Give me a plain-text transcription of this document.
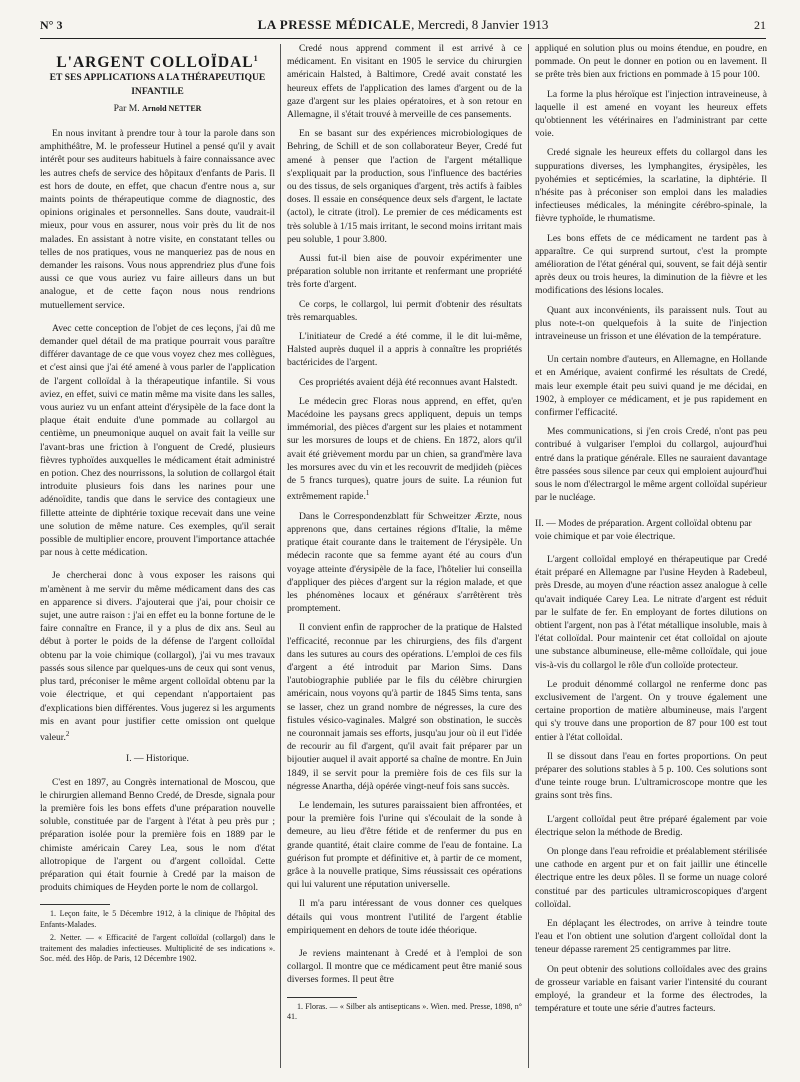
N° 3	LA PRESSE MÉDICALE, Mercredi, 8 Janvier 1913	21
L'ARGENT COLLOÏDAL$^1$
ET SES APPLICATIONS A LA THÉRAPEUTIQUE INFANTILE
Par M. Arnold NETTER

En nous invitant à prendre tour à tour la parole dans son amphithéâtre, M. le professeur Hutinel a pensé qu'il y avait intérêt pour ses auditeurs habituels à faire connaissance avec les autres chefs de service des hôpitaux d'enfants de Paris. Il est hors de doute, en effet, que chacun d'entre nous a, sur maints points de thérapeutique comme de diagnostic, des opinions originales et personnelles. Sans doute, vaudrait-il mieux, pour vous en assurer, nous voir près du lit de nos malades. En assistant à notre visite, en constatant telles ou telles de nos pratiques, vous ne manqueriez pas de nous en demander les raisons. Vous nous apprendriez plus d'une fois aussi ce que vous auriez vu faire ailleurs dans un but analogue, et de cette façon nous nous rendrions mutuellement service.

Avec cette conception de l'objet de ces leçons, j'ai dû me demander quel détail de ma pratique pourrait vous paraître différer davantage de ce que vous voyez chez mes collègues, et c'est ainsi que j'ai été amené à vous parler de l'application de l'argent colloïdal à la thérapeutique infantile. Si vous aviez, en effet, suivi ce matin même ma visite dans les salles, vous auriez vu un enfant atteint d'érysipèle de la face dont la plaque était enduite d'une pommade au collargol au centième, un pneumonique auquel on avait fait la veille sur l'avant-bras une friction à l'onguent de Credé, plusieurs fièvres typhoïdes auxquelles le médicament était administré en potion. Chez des nourrissons, la solution de collargol était introduite plusieurs fois dans les narines pour une adénoïdite, tandis que dans le service des contagieux une fillette atteinte de diphtérie toxique recevait dans une veine une solution de même nature. Ces exemples, qu'il serait possible de multiplier encore, prouvent l'importance attachée par nous à cette médication.

Je chercherai donc à vous exposer les raisons qui m'amènent à me servir du même médicament dans des cas en apparence si divers. J'ajouterai que j'ai, pour choisir ce sujet, une autre raison : j'ai en effet eu la bonne fortune de le faire connaître en France, il y a plus de dix ans. Seul au début à porter le poids de la défense de l'argent colloïdal obtenu par la voie chimique (collargol), j'ai vu mes travaux passés sous silence par quelques-uns de ceux qui sont venus, plus tard, préconiser le même argent colloïdal obtenu par la voie électrique, et qui cependant n'apportaient pas d'explications bien différentes. Vous jugerez si les arguments mis en avant pour justifier cette omission ont quelque valeur.$^2$

I. — Historique.

C'est en 1897, au Congrès international de Moscou, que le chirurgien allemand Benno Credé, de Dresde, signala pour la première fois les bons effets d'une préparation nouvelle soluble, constituée par de l'argent à l'état à peu près pur ; préparation isolée pour la première fois en 1889 par le chimiste américain Carey Lea, sous le nom d'état allotropique de l'argent ou d'argent colloïdal. Cette préparation qui était fournie à Credé par la maison de produits chimiques de Heyden porte le nom de collargol.

1. Leçon faite, le 5 Décembre 1912, à la clinique de l'hôpital des Enfants-Malades.

2. Netter. — « Efficacité de l'argent colloïdal (collargol) dans le traitement des maladies infectieuses. Multiplicité de ses indications ». Soc. méd. des Hôp. de Paris, 12 Décembre 1902.

Credé nous apprend comment il est arrivé à ce médicament. En visitant en 1905 le service du chirurgien américain Halsted, à Baltimore, Credé avait constaté les heureux effets de l'application des lames d'argent ou de la gaze d'argent sur les plaies opératoires, et à son retour en Allemagne, il s'était trouvé à merveille de ces pansements.

En se basant sur des expériences microbiologiques de Behring, de Schill et de son collaborateur Beyer, Credé fut amené à penser que l'action de l'argent métallique s'expliquait par la production, sous l'influence des bactéries ou des tissus, de sels organiques d'argent, très actifs à faibles doses. Il essaie en conséquence deux sels d'argent, le lactate (actol), le citrate (itrol). Le premier de ces médicaments est très soluble à 1/15 mais irritant, le second moins irritant mais peu soluble, 1 pour 3.800.

Aussi fut-il bien aise de pouvoir expérimenter une préparation soluble non irritante et renfermant une propriété très forte d'argent.

Ce corps, le collargol, lui permit d'obtenir des résultats très remarquables.

L'initiateur de Credé a été comme, il le dit lui-même, Halsted auprès duquel il a appris à connaître les propriétés bactéricides de l'argent.

Ces propriétés avaient déjà été reconnues avant Halstedt.

Le médecin grec Floras nous apprend, en effet, qu'en Macédoine les paysans grecs appliquent, depuis un temps immémorial, des pièces d'argent sur les plaies et notamment sur les morsures de loups et de chiens. En 1872, alors qu'il avait été grièvement mordu par un chien, sa grand'mère lava les morsures avec du vin et les recouvrit de medjideh (pièces de 5 francs turques), quatre jours de suite. La réunion fut extrêmement rapide.$^1$

Dans le Correspondenzblatt für Schweitzer Ærzte, nous apprenons que, dans certaines régions d'Italie, la même pratique était courante dans le traitement de l'érysipèle. Un médecin raconte que sa femme ayant été au cours d'un voyage atteinte d'érysipèle de la face, l'hôtelier lui conseilla d'appliquer des pièces d'argent sur la région malade, et que les phénomènes locaux et généraux s'arrêtèrent très promptement.

Il convient enfin de rapprocher de la pratique de Halsted l'efficacité, reconnue par les chirurgiens, des fils d'argent dans les sutures au cours des opérations. L'emploi de ces fils d'argent a été introduit par Marion Sims. Dans l'autobiographie publiée par le fils du célèbre chirurgien américain, nous voyons qu'à partir de 1845 Sims tenta, sans se lasser, chez un grand nombre de négresses, la cure des fistules vésico-vaginales. Malgré son obstination, le succès ne couronnait jamais ses efforts, jusqu'au jour où il eut l'idée de recourir au fil d'argent, qu'il avait fait préparer par un bijoutier auquel il avait apporté sa chaîne de montre. En Juin 1849, il se servit pour la première fois de ces fils sur la négresse Anartha, déjà opérée vingt-neuf fois sans succès.

Le lendemain, les sutures paraissaient bien affrontées, et pour la première fois l'urine qui s'écoulait de la sonde à demeure, au lieu d'être fétide et de renfermer du pus en grande quantité, était claire comme de l'eau de fontaine. La guérison fut prompte et définitive et, à partir de ce moment, grâce à la nouvelle pratique, Sims réussissait ces opérations qui lui valurent une réputation universelle.

Il m'a paru intéressant de vous donner ces quelques détails qui vous montrent l'utilité de l'argent établie empiriquement en dehors de toute idée théorique.

Je reviens maintenant à Credé et à l'emploi de son collargol. Il montre que ce médicament peut être manié sous diverses formes. Il peut être

1. Floras. — « Silber als antisepticans ». Wien. med. Presse, 1898, n° 41.

appliqué en solution plus ou moins étendue, en poudre, en pommade. On peut le donner en potion ou en lavement. Il se prête très bien aux frictions en pommade à 15 pour 100.

La forme la plus héroïque est l'injection intraveineuse, à laquelle il est amené en voyant les heureux effets qu'obtiennent les vétérinaires en l'administrant par cette voie.

Credé signale les heureux effets du collargol dans les suppurations diverses, les lymphangites, érysipèles, les pyohémies et septicémies, la scarlatine, la diphtérie. Il n'hésite pas à préconiser son emploi dans les maladies infectieuses médicales, la méningite cérébro-spinale, la fièvre typhoïde, le rhumatisme.

Les bons effets de ce médicament ne tardent pas à apparaître. Ce qui surprend surtout, c'est la prompte amélioration de l'état général qui, souvent, se fait déjà sentir après deux ou trois heures, la diminution de la fièvre et les modifications des lésions locales.

Quant aux inconvénients, ils paraissent nuls. Tout au plus note-t-on quelquefois à la suite de l'injection intraveineuse un frisson et une élévation de la température.

Un certain nombre d'auteurs, en Allemagne, en Hollande et en Amérique, avaient confirmé les résultats de Credé, mais leur exemple était peu suivi quand je me décidai, en 1902, à employer ce médicament, et je pus rapidement en confirmer l'efficacité.

Mes communications, si j'en crois Credé, n'ont pas peu contribué à vulgariser l'emploi du collargol, aujourd'hui entré dans la pratique générale. Elles ne sauraient davantage être passées sous silence par ceux qui emploient aujourd'hui sous le nom d'électrargol le même argent colloïdal supérieur par le nucléage.

II. — Modes de préparation. Argent colloïdal obtenu par voie chimique et par voie électrique.

L'argent colloïdal employé en thérapeutique par Credé était préparé en Allemagne par l'usine Heyden à Radebeul, près Dresde, au moyen d'une réaction assez analogue à celle qu'avait indiquée Carey Lea. Le nitrate d'argent est réduit par le sulfate de fer. En employant de fortes dilutions on obtient l'argent, non pas à l'état métallique insoluble, mais à l'état colloïdal. Pour maintenir cet état colloïdal on ajoute une substance albumineuse, elle-même colloïdale, qui joue vis-à-vis du collargol le rôle d'un colloïde protecteur.

Le produit dénommé collargol ne renferme donc pas exclusivement de l'argent. On y trouve également une certaine proportion de matière albumineuse, mais l'argent qui s'y trouve dans une proportion de 87 pour 100 est tout entier à l'état colloïdal.

Il se dissout dans l'eau en fortes proportions. On peut préparer des solutions stables à 5 p. 100. Ces solutions sont d'une teinte rouge brun. L'ultramicroscope montre que les grains sont très fins.

L'argent colloïdal peut être préparé également par voie électrique selon la méthode de Bredig.

On plonge dans l'eau refroidie et préalablement stérilisée une cathode en argent pur et on fait jaillir une étincelle électrique entre les deux pôles. Il se forme un nuage coloré constitué par des particules ultramicroscopiques d'argent colloïdal.

En déplaçant les électrodes, on arrive à teindre toute l'eau et l'on obtient une solution d'argent colloïdal dont la teneur dépasse rarement 25 centigrammes par litre.

On peut obtenir des solutions colloïdales avec des grains de grosseur variable en faisant varier l'intensité du courant employé, la grandeur et la forme des électrodes, la température et toute une série d'autres facteurs.
